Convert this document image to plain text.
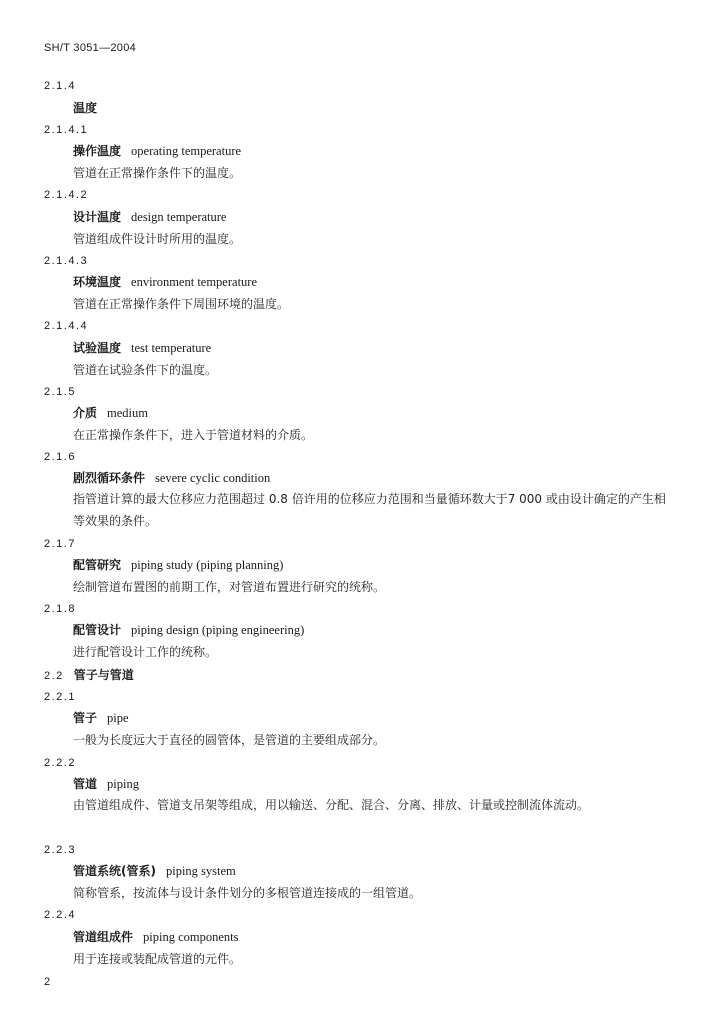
SH/T 3051—2004
2.1.4
温度
2.1.4.1
操作温度 operating temperature
管道在正常操作条件下的温度。
2.1.4.2
设计温度 design temperature
管道组成件设计时所用的温度。
2.1.4.3
环境温度 environment temperature
管道在正常操作条件下周围环境的温度。
2.1.4.4
试验温度 test temperature
管道在试验条件下的温度。
2.1.5
介质 medium
在正常操作条件下，进入于管道材料的介质。
2.1.6
剧烈循环条件 severe cyclic condition
指管道计算的最大位移应力范围超过 0.8 倍许用的位移应力范围和当量循环数大于7 000 或由设计确定的产生相等效果的条件。
2.1.7
配管研究 piping study (piping planning)
绘制管道布置图的前期工作，对管道布置进行研究的统称。
2.1.8
配管设计 piping design (piping engineering)
进行配管设计工作的统称。
2.2 管子与管道
2.2.1
管子 pipe
一般为长度远大于直径的圆管体，是管道的主要组成部分。
2.2.2
管道 piping
由管道组成件、管道支吊架等组成，用以输送、分配、混合、分离、排放、计量或控制流体流动。
2.2.3
管道系统(管系) piping system
简称管系，按流体与设计条件划分的多根管道连接成的一组管道。
2.2.4
管道组成件 piping components
用于连接或装配成管道的元件。
2
